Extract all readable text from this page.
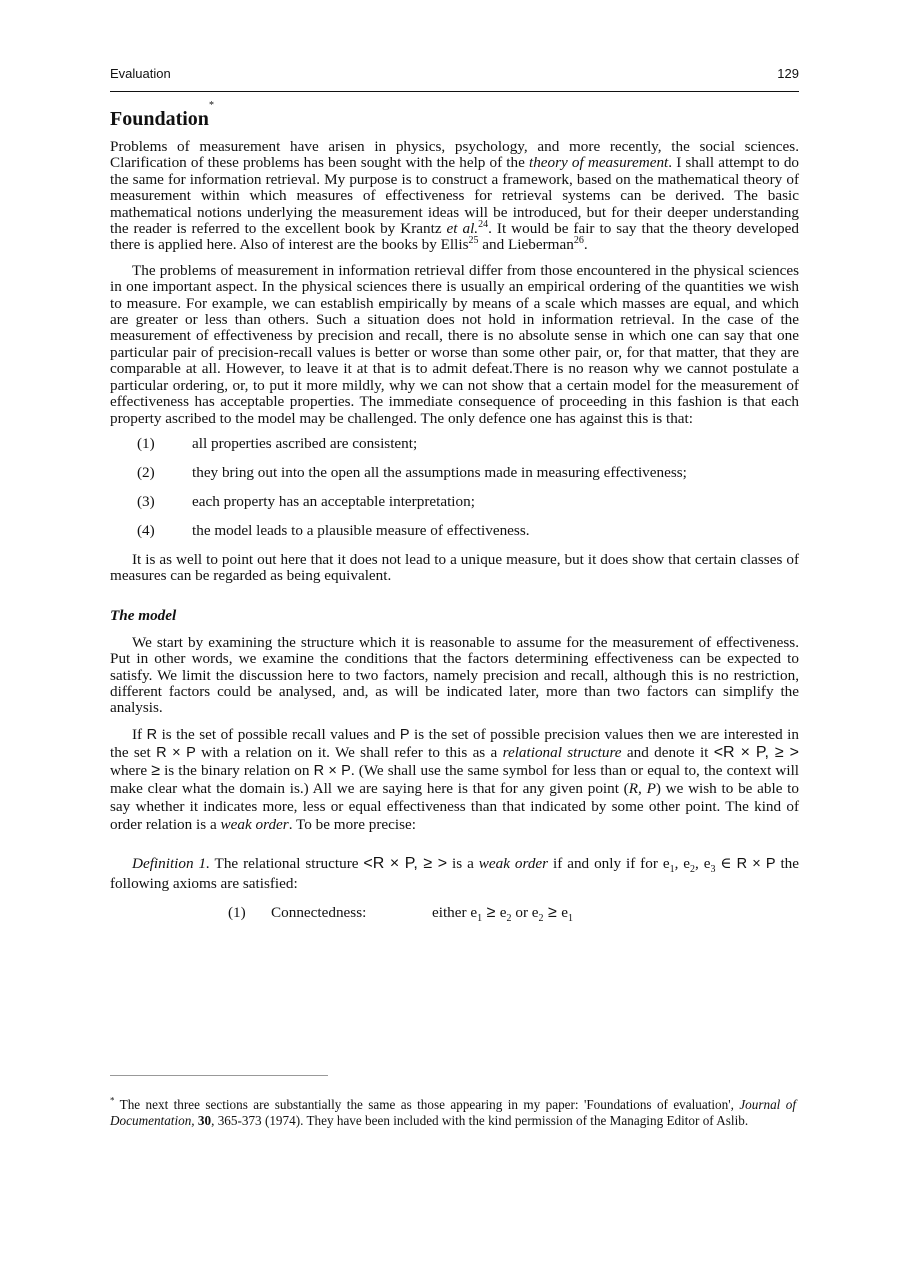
Evaluation	129
Foundation*

Problems of measurement have arisen in physics, psychology, and more recently, the social sciences. Clarification of these problems has been sought with the help of the theory of measurement. I shall attempt to do the same for information retrieval. My purpose is to construct a framework, based on the mathematical theory of measurement within which measures of effectiveness for retrieval systems can be derived. The basic mathematical notions underlying the measurement ideas will be introduced, but for their deeper understanding the reader is referred to the excellent book by Krantz et al.$^{24}$. It would be fair to say that the theory developed there is applied here. Also of interest are the books by Ellis$^{25}$ and Lieberman$^{26}$.

The problems of measurement in information retrieval differ from those encountered in the physical sciences in one important aspect. In the physical sciences there is usually an empirical ordering of the quantities we wish to measure. For example, we can establish empirically by means of a scale which masses are equal, and which are greater or less than others. Such a situation does not hold in information retrieval. In the case of the measurement of effectiveness by precision and recall, there is no absolute sense in which one can say that one particular pair of precision-recall values is better or worse than some other pair, or, for that matter, that they are comparable at all. However, to leave it at that is to admit defeat.There is no reason why we cannot postulate a particular ordering, or, to put it more mildly, why we can not show that a certain model for the measurement of effectiveness has acceptable properties. The immediate consequence of proceeding in this fashion is that each property ascribed to the model may be challenged. The only defence one has against this is that:

(1) all properties ascribed are consistent;
(2) they bring out into the open all the assumptions made in measuring effectiveness;
(3) each property has an acceptable interpretation;
(4) the model leads to a plausible measure of effectiveness.

It is as well to point out here that it does not lead to a unique measure, but it does show that certain classes of measures can be regarded as being equivalent.

The model

We start by examining the structure which it is reasonable to assume for the measurement of effectiveness. Put in other words, we examine the conditions that the factors determining effectiveness can be expected to satisfy. We limit the discussion here to two factors, namely precision and recall, although this is no restriction, different factors could be analysed, and, as will be indicated later, more than two factors can simplify the analysis.

If R is the set of possible recall values and P is the set of possible precision values then we are interested in the set R × P with a relation on it. We shall refer to this as a relational structure and denote it <R × P, ≥ > where ≥ is the binary relation on R × P. (We shall use the same symbol for less than or equal to, the context will make clear what the domain is.) All we are saying here is that for any given point (R, P) we wish to be able to say whether it indicates more, less or equal effectiveness than that indicated by some other point. The kind of order relation is a weak order. To be more precise:

Definition 1. The relational structure <R × P, ≥ > is a weak order if and only if for $e_1$, $e_2$, $e_3$ ∈ R × P the following axioms are satisfied:

(1) Connectedness:	either $e_1 \ge e_2$ or $e_2 \ge e_1$
* The next three sections are substantially the same as those appearing in my paper: 'Foundations of evaluation', Journal of Documentation, 30, 365-373 (1974). They have been included with the kind permission of the Managing Editor of Aslib.
